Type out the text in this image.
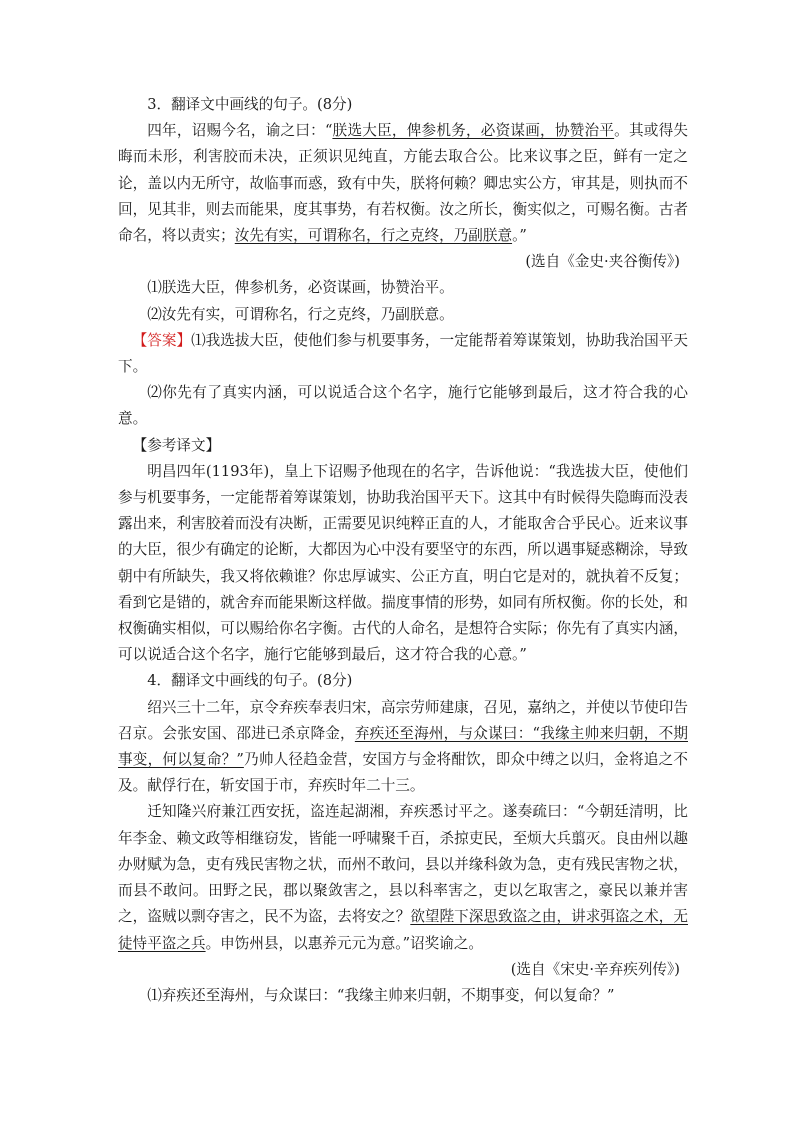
3．翻译文中画线的句子。(8分)

四年，诏赐今名，谕之曰：“朕选大臣，俾参机务，必资谋画，协赞治平。其或得失晦而未形，利害胶而未决，正须识见纯直，方能去取合公。比来议事之臣，鲜有一定之论，盖以内无所守，故临事而惑，致有中失，朕将何赖？卿忠实公方，审其是，则执而不回，见其非，则去而能果，度其事势，有若权衡。汝之所长，衡实似之，可赐名衡。古者命名，将以责实；汝先有实，可谓称名，行之克终，乃副朕意。”

(选自《金史·夹谷衡传》)

⑴朕选大臣，俾参机务，必资谋画，协赞治平。

⑵汝先有实，可谓称名，行之克终，乃副朕意。

【答案】⑴我选拔大臣，使他们参与机要事务，一定能帮着筹谋策划，协助我治国平天下。

⑵你先有了真实内涵，可以说适合这个名字，施行它能够到最后，这才符合我的心意。

【参考译文】

明昌四年(1193年)，皇上下诏赐予他现在的名字，告诉他说：“我选拔大臣，使他们参与机要事务，一定能帮着筹谋策划，协助我治国平天下。这其中有时候得失隐晦而没表露出来，利害胶着而没有决断，正需要见识纯粹正直的人，才能取舍合乎民心。近来议事的大臣，很少有确定的论断，大都因为心中没有要坚守的东西，所以遇事疑惑糊涂，导致朝中有所缺失，我又将依赖谁？你忠厚诚实、公正方直，明白它是对的，就执着不反复；看到它是错的，就舍弃而能果断这样做。揣度事情的形势，如同有所权衡。你的长处，和权衡确实相似，可以赐给你名字衡。古代的人命名，是想符合实际；你先有了真实内涵，可以说适合这个名字，施行它能够到最后，这才符合我的心意。”

4．翻译文中画线的句子。(8分)

绍兴三十二年，京令弃疾奉表归宋，高宗劳师建康，召见，嘉纳之，并使以节使印告召京。会张安国、邵进已杀京降金，弃疾还至海州，与众谋曰：“我缘主帅来归朝，不期事变，何以复命？”乃帅人径趋金营，安国方与金将酣饮，即众中缚之以归，金将追之不及。献俘行在，斩安国于市，弃疾时年二十三。

迁知隆兴府兼江西安抚，盗连起湖湘，弃疾悉讨平之。遂奏疏曰：“今朝廷清明，比年李金、赖文政等相继窃发，皆能一呼啸聚千百，杀掠吏民，至烦大兵翦灭。良由州以趣办财赋为急，吏有残民害物之状，而州不敢问，县以并缘科敛为急，吏有残民害物之状，而县不敢问。田野之民，郡以聚敛害之，县以科率害之，吏以乞取害之，豪民以兼并害之，盗贼以剽夺害之，民不为盗，去将安之？欲望陛下深思致盗之由，讲求弭盗之术，无徒恃平盗之兵。申饬州县，以惠养元元为意。”诏奖谕之。

(选自《宋史·辛弃疾列传》)

⑴弃疾还至海州，与众谋曰：“我缘主帅来归朝，不期事变，何以复命？”
